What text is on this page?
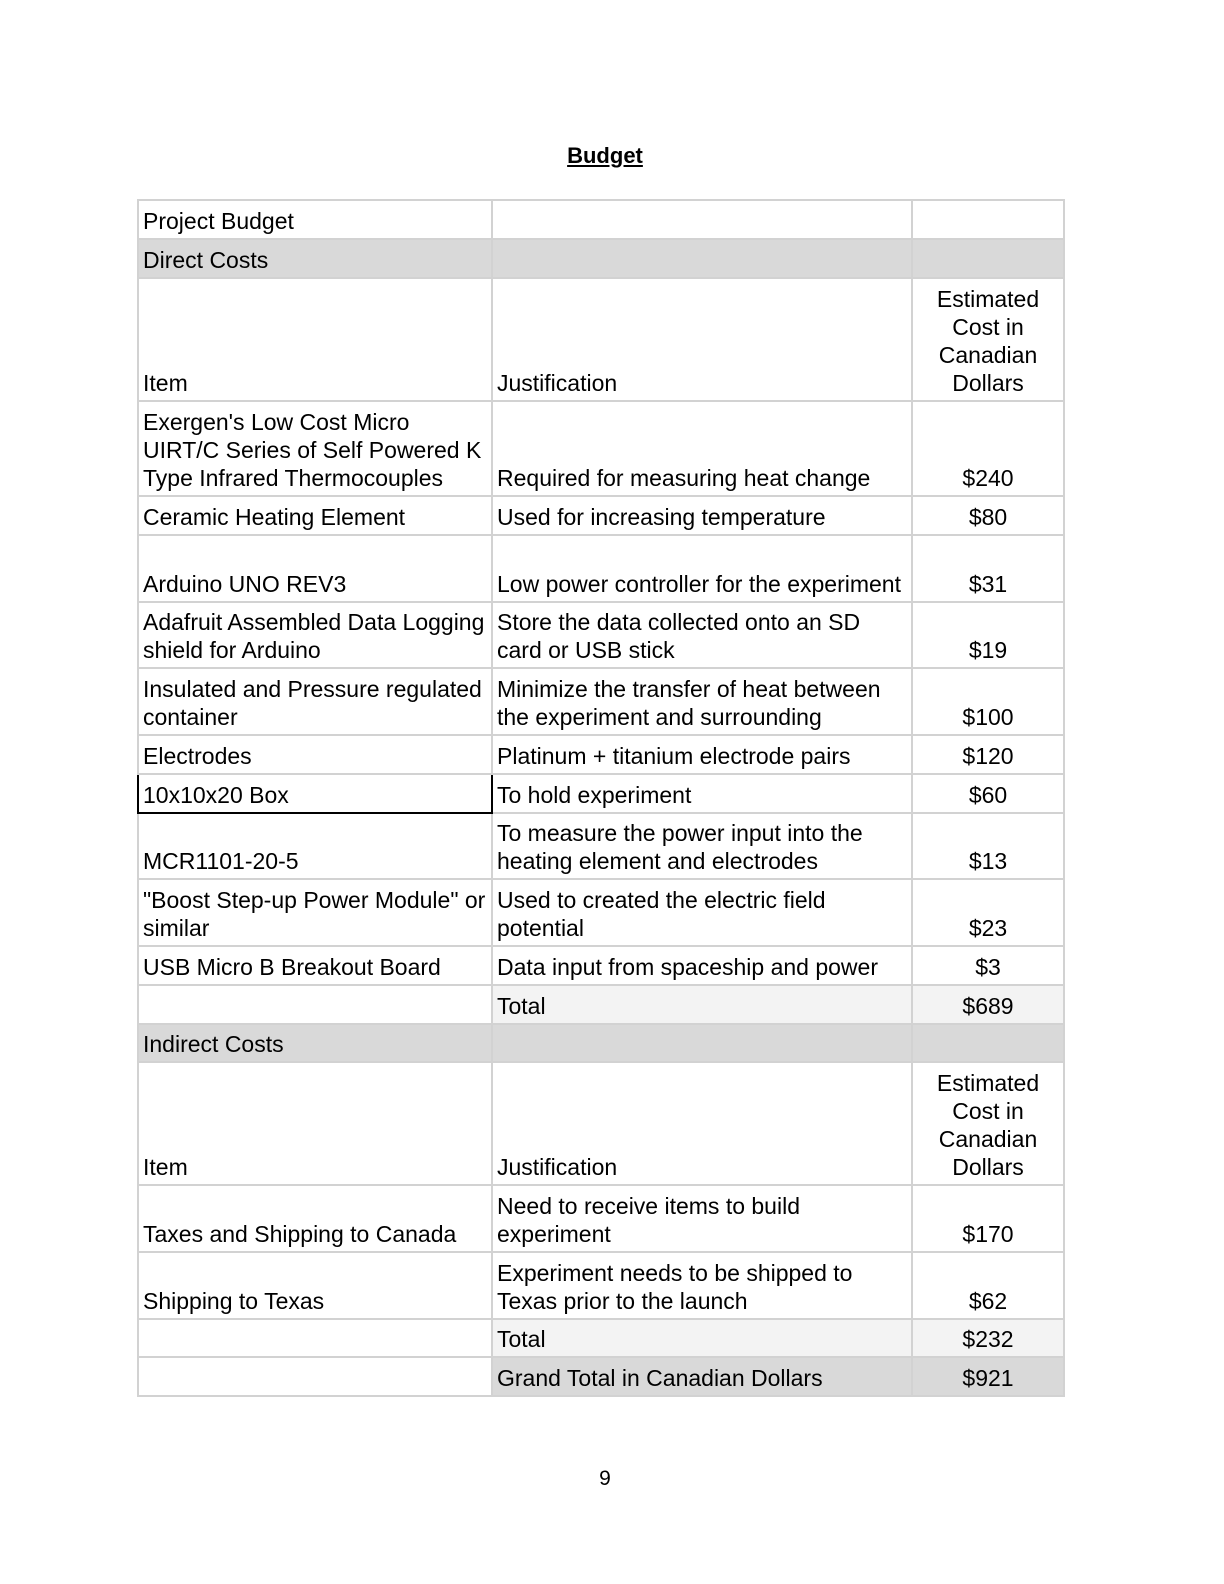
Budget
Project Budget		
Direct Costs		
Item	Justification	Estimated Cost in Canadian Dollars
Exergen's Low Cost Micro UIRT/C Series of Self Powered K Type Infrared Thermocouples	Required for measuring heat change	$240
Ceramic Heating Element	Used for increasing temperature	$80
Arduino UNO REV3	Low power controller for the experiment	$31
Adafruit Assembled Data Logging shield for Arduino	Store the data collected onto an SD card or USB stick	$19
Insulated and Pressure regulated container	Minimize the transfer of heat between the experiment and surrounding	$100
Electrodes	Platinum + titanium electrode pairs	$120
10x10x20 Box	To hold experiment	$60
MCR1101-20-5	To measure the power input into the heating element and electrodes	$13
"Boost Step-up Power Module" or similar	Used to created the electric field potential	$23
USB Micro B Breakout Board	Data input from spaceship and power	$3
	Total	$689
Indirect Costs		
Item	Justification	Estimated Cost in Canadian Dollars
Taxes and Shipping to Canada	Need to receive items to build experiment	$170
Shipping to Texas	Experiment needs to be shipped to Texas prior to the launch	$62
	Total	$232
	Grand Total in Canadian Dollars	$921
9
